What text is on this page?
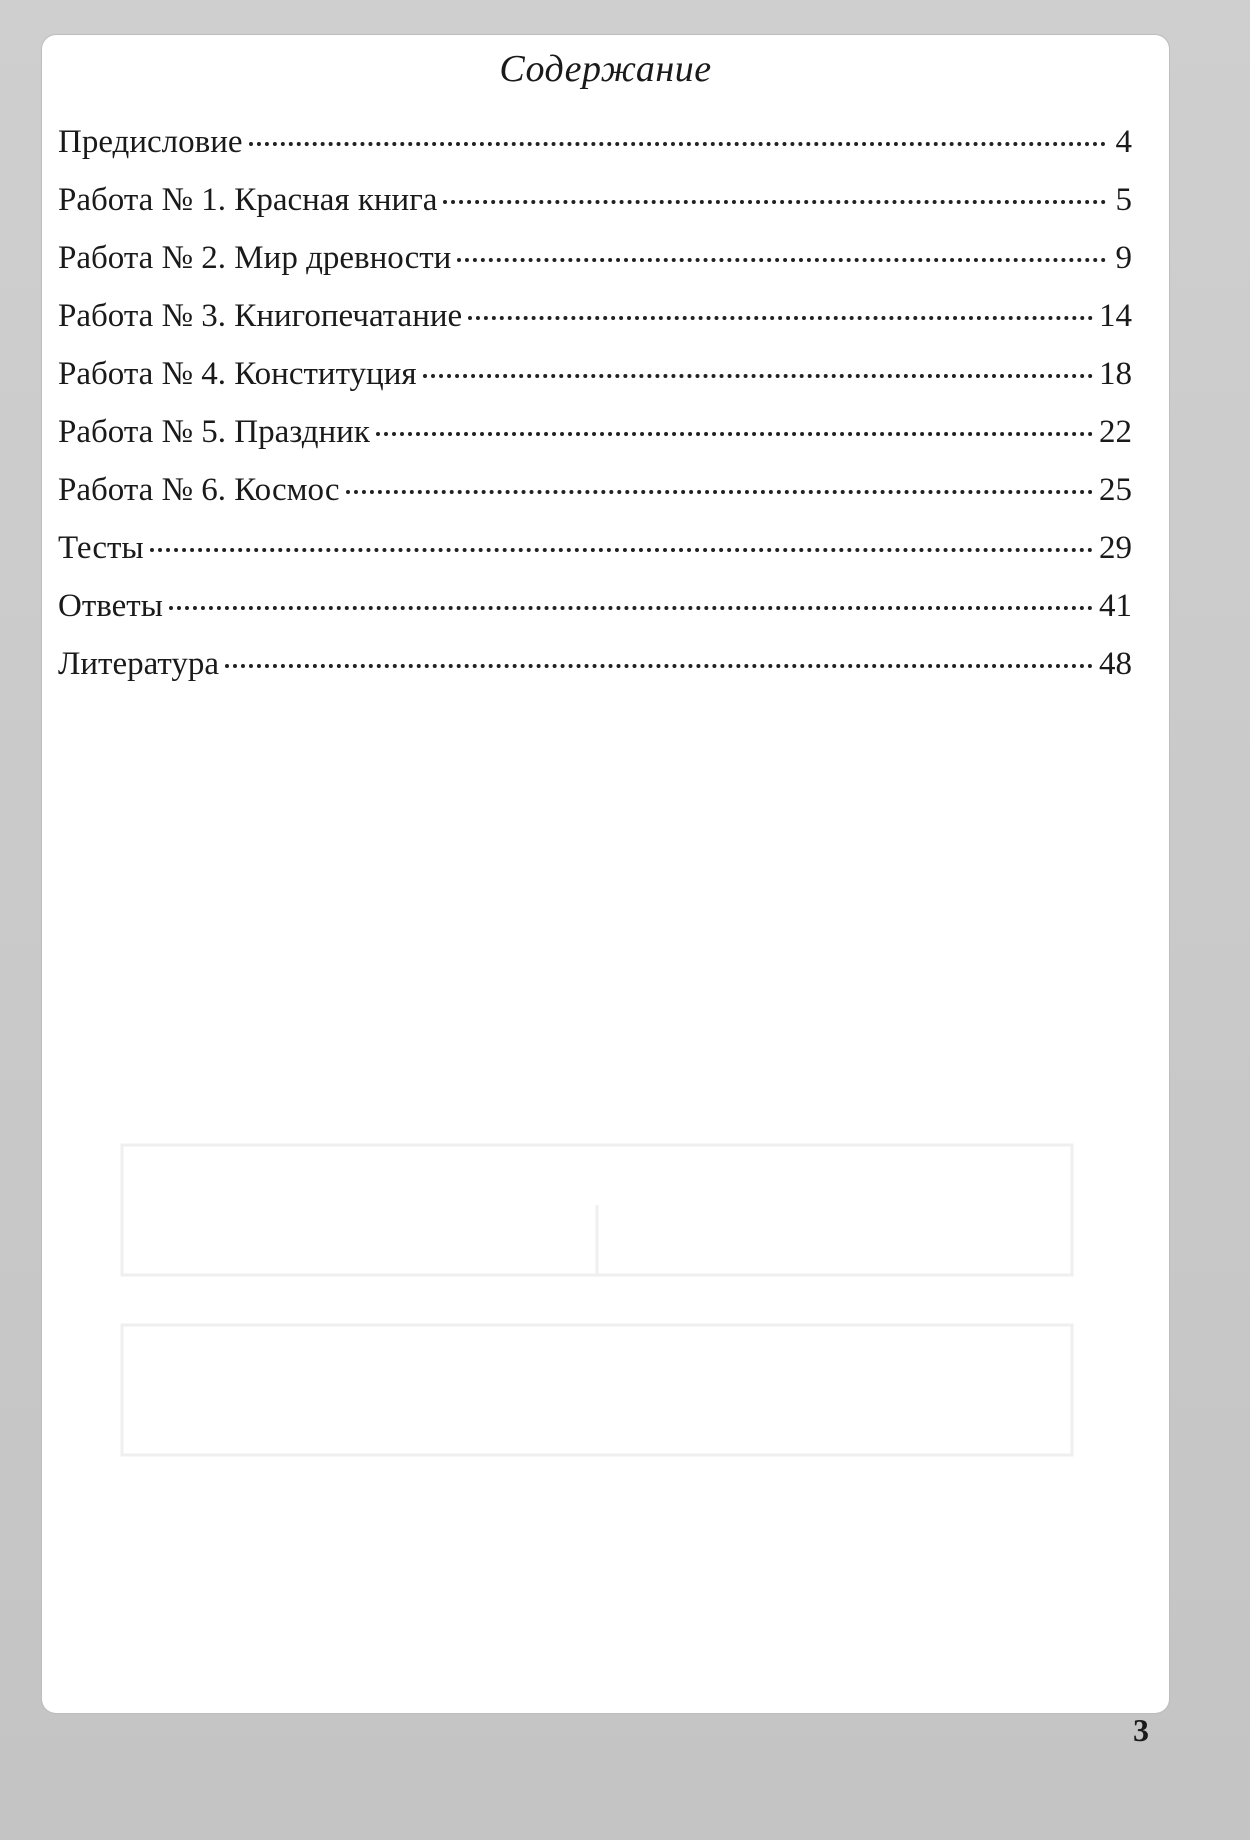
Содержание
Предисловие	4
Работа № 1. Красная книга	5
Работа № 2. Мир древности	9
Работа № 3. Книгопечатание	14
Работа № 4. Конституция	18
Работа № 5. Праздник	22
Работа № 6. Космос	25
Тесты	29
Ответы	41
Литература	48
3
